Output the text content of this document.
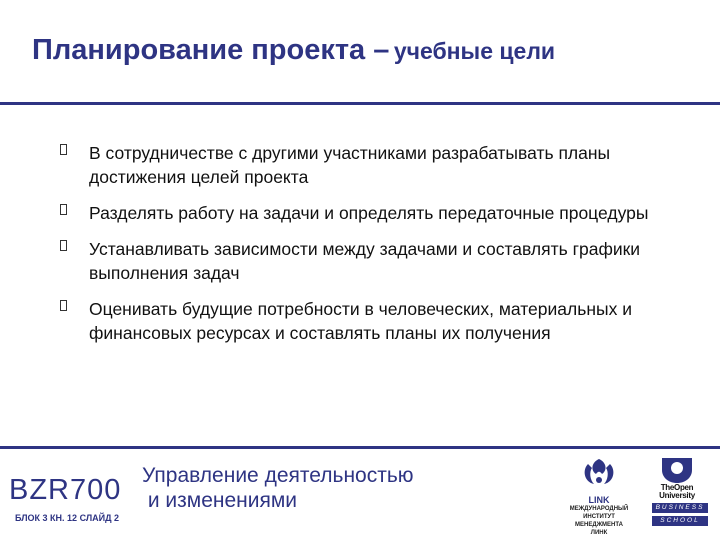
Планирование проекта – учебные цели
В сотрудничестве с другими участниками разрабатывать планы достижения целей проекта
Разделять работу на задачи и определять передаточные процедуры
Устанавливать зависимости между задачами и составлять графики выполнения задач
Оценивать будущие потребности в человеческих, материальных и финансовых ресурсах и составлять планы их получения
BZR700
БЛОК 3 КН. 12 СЛАЙД 2
Управление деятельностью
и изменениями	LINK
МЕЖДУНАРОДНЫЙ
ИНСТИТУТ
МЕНЕДЖМЕНТА
ЛИНК
TheOpen
University
BUSINESS
SCHOOL
